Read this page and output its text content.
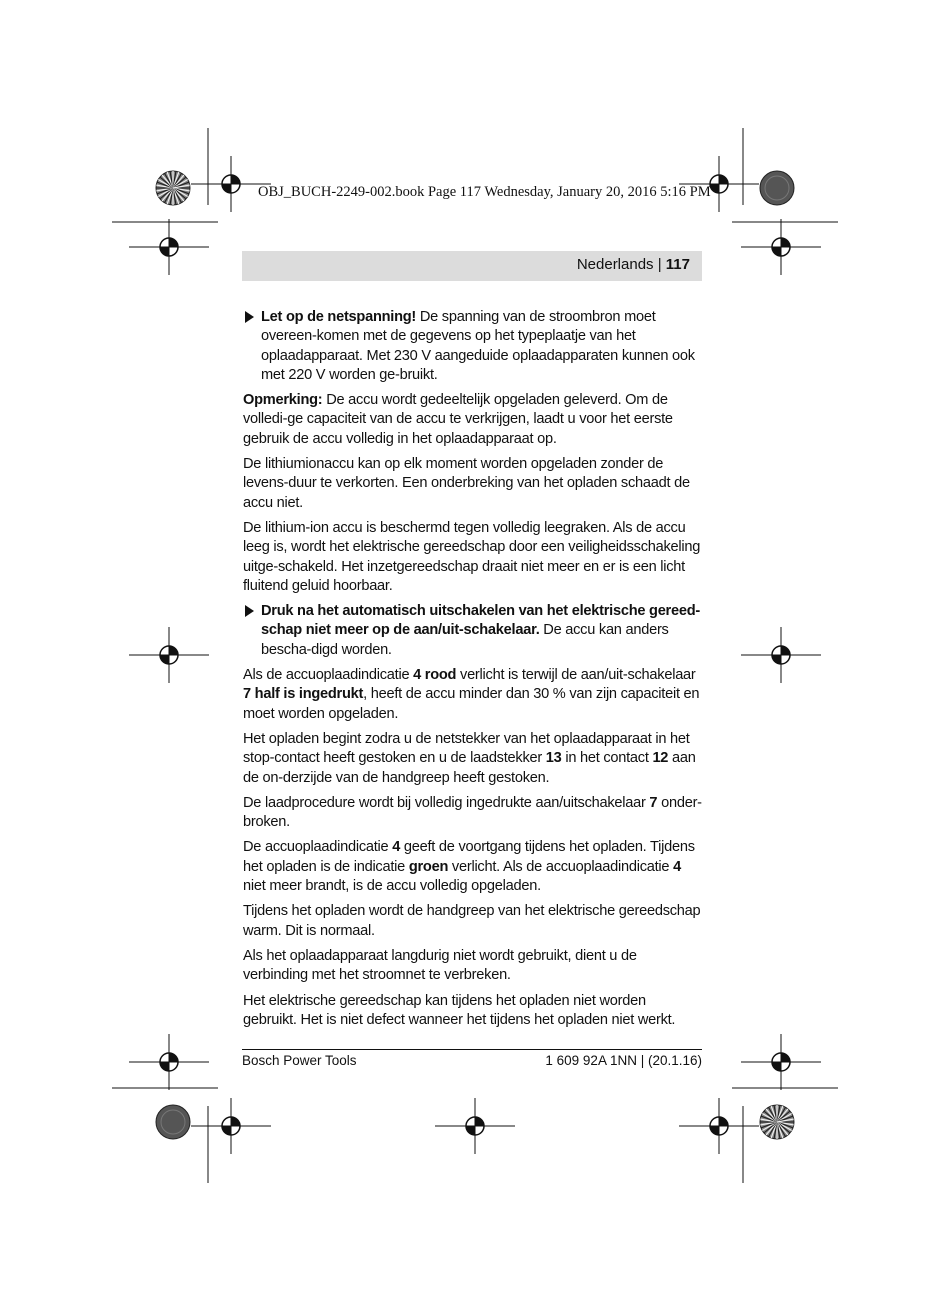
OBJ_BUCH-2249-002.book Page 117 Wednesday, January 20, 2016 5:16 PM
Nederlands | 117
Let op de netspanning! De spanning van de stroombron moet overeen-komen met de gegevens op het typeplaatje van het oplaadapparaat. Met 230 V aangeduide oplaadapparaten kunnen ook met 220 V worden ge-bruikt.

Opmerking: De accu wordt gedeeltelijk opgeladen geleverd. Om de volledi-ge capaciteit van de accu te verkrijgen, laadt u voor het eerste gebruik de accu volledig in het oplaadapparaat op.

De lithiumionaccu kan op elk moment worden opgeladen zonder de levens-duur te verkorten. Een onderbreking van het opladen schaadt de accu niet.

De lithium-ion accu is beschermd tegen volledig leegraken. Als de accu leeg is, wordt het elektrische gereedschap door een veiligheidsschakeling uitge-schakeld. Het inzetgereedschap draait niet meer en er is een licht fluitend geluid hoorbaar.

Druk na het automatisch uitschakelen van het elektrische gereed-schap niet meer op de aan/uit-schakelaar. De accu kan anders bescha-digd worden.

Als de accuoplaadindicatie 4 rood verlicht is terwijl de aan/uit-schakelaar 7 half is ingedrukt, heeft de accu minder dan 30 % van zijn capaciteit en moet worden opgeladen.

Het opladen begint zodra u de netstekker van het oplaadapparaat in het stop-contact heeft gestoken en u de laadstekker 13 in het contact 12 aan de on-derzijde van de handgreep heeft gestoken.

De laadprocedure wordt bij volledig ingedrukte aan/uitschakelaar 7 onder-broken.

De accuoplaadindicatie 4 geeft de voortgang tijdens het opladen. Tijdens het opladen is de indicatie groen verlicht. Als de accuoplaadindicatie 4 niet meer brandt, is de accu volledig opgeladen.

Tijdens het opladen wordt de handgreep van het elektrische gereedschap warm. Dit is normaal.

Als het oplaadapparaat langdurig niet wordt gebruikt, dient u de verbinding met het stroomnet te verbreken.

Het elektrische gereedschap kan tijdens het opladen niet worden gebruikt. Het is niet defect wanneer het tijdens het opladen niet werkt.

Bosch Power Tools	1 609 92A 1NN | (20.1.16)
